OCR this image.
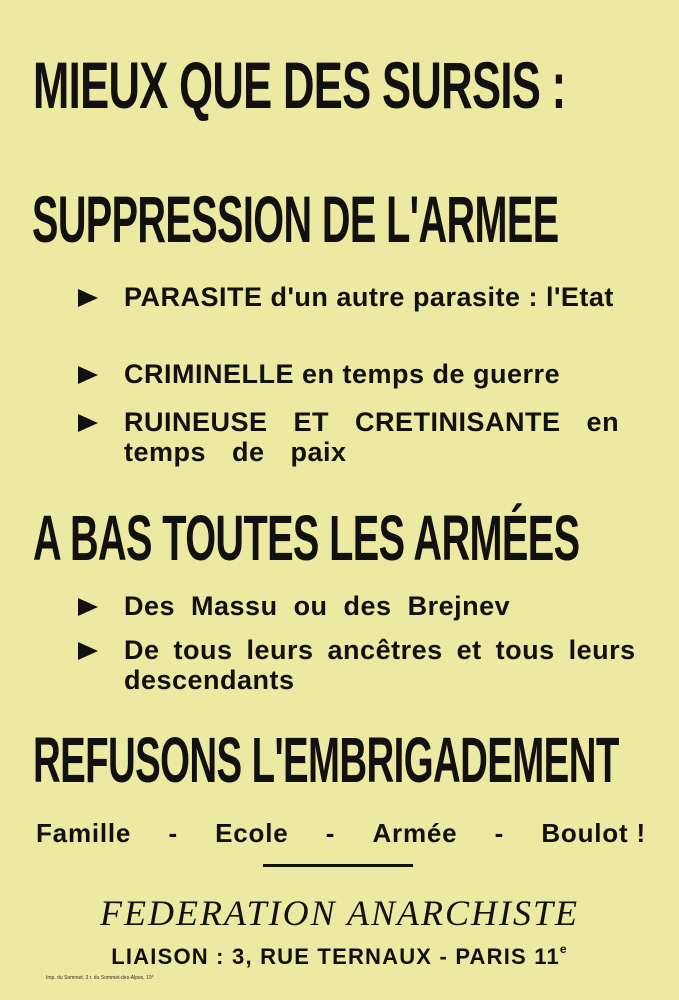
MIEUX QUE DES SURSIS :
SUPPRESSION DE L'ARMEE
PARASITE d'un autre parasite : l'Etat
CRIMINELLE en temps de guerre
RUINEUSE ET CRETINISANTE en temps de paix
A BAS TOUTES LES ARMÉES
Des Massu ou des Brejnev
De tous leurs ancêtres et tous leurs descendants
REFUSONS L'EMBRIGADEMENT
Famille - Ecole - Armée - Boulot !
FEDERATION ANARCHISTE
LIAISON : 3, RUE TERNAUX - PARIS 11e
Imp. du Sommet, 3 r. du Sommet-des-Alpes, 19°
